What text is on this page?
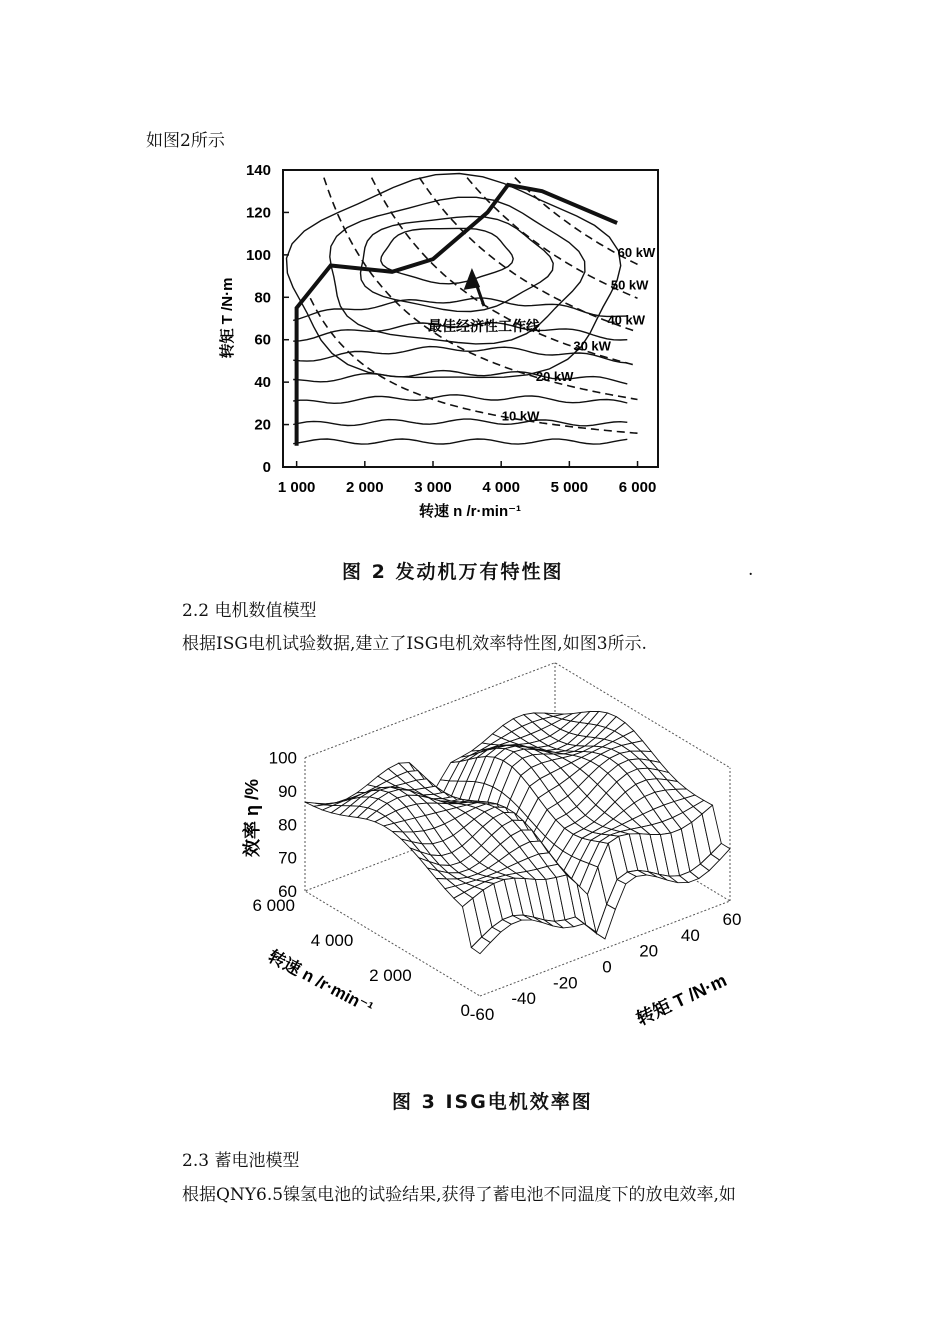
如图2所示
0
20
40
60
80
100
120
140
1 000 2 000 3 000 4 000 5 000 6 000
10 kW
20 kW
30 kW
40 kW
50 kW
60 kW
最佳经济性工作线
转矩 T /N·m
转速 n /r·min⁻¹
图 2 发动机万有特性图	.
2.2 电机数值模型
根据ISG电机试验数据,建立了ISG电机效率特性图,如图3所示.
60
70
80
90
100
0
2 000
4 000
6 000
-60
-40
-20
0
20
40
60
效率 η /%
转速 n /r·min⁻¹	转矩 T /N·m
图 3 ISG电机效率图
2.3 蓄电池模型
根据QNY6.5镍氢电池的试验结果,获得了蓄电池不同温度下的放电效率,如
